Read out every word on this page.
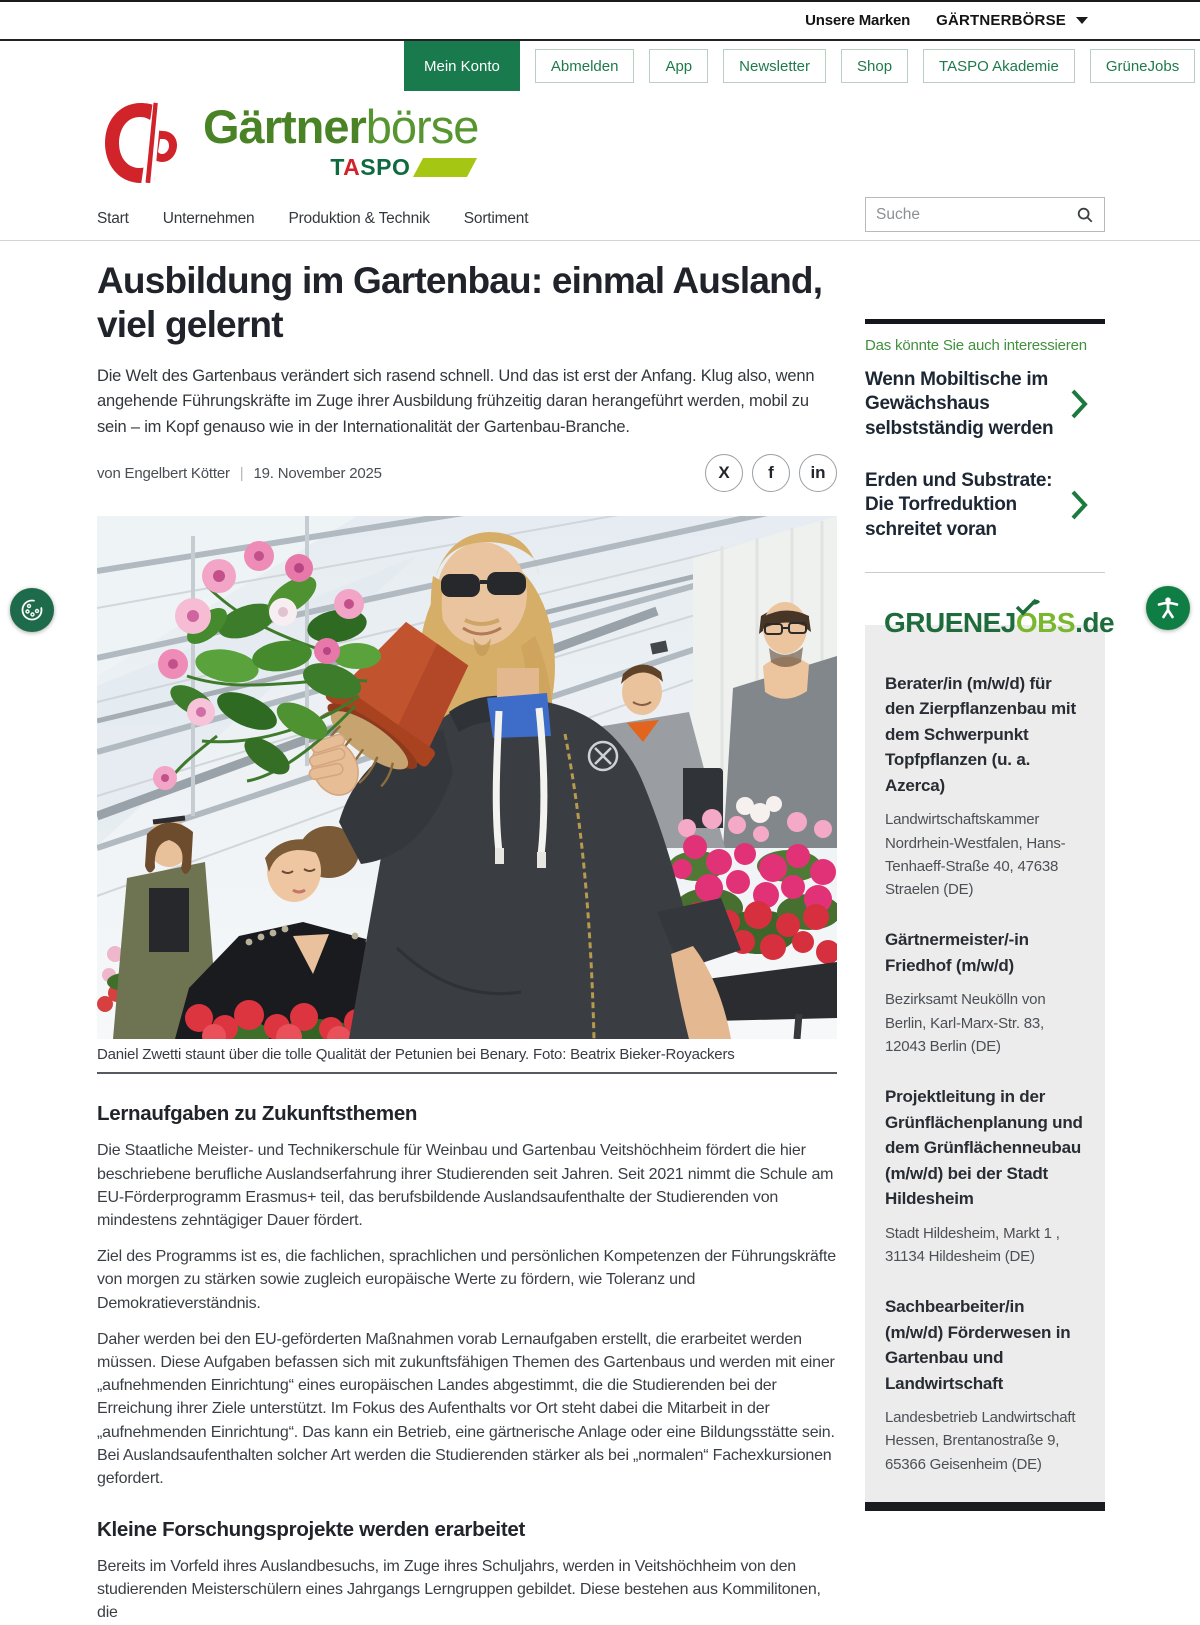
Unsere Marken GÄRTNERBÖRSE
Mein Konto	Abmelden	App	Newsletter	Shop	TASPO Akademie	GrüneJobs
Gärtnerbörse
TASPO
Start Unternehmen Produktion & Technik Sortiment
Suche
Ausbildung im Gartenbau: einmal Ausland, viel gelernt

Die Welt des Gartenbaus verändert sich rasend schnell. Und das ist erst der Anfang. Klug also, wenn angehende Führungskräfte im Zuge ihrer Ausbildung frühzeitig daran herangeführt werden, mobil zu sein – im Kopf genauso wie in der Internationalität der Gartenbau-Branche.

von Engelbert Kötter | 19. November 2025	X f in
Daniel Zwetti staunt über die tolle Qualität der Petunien bei Benary. Foto: Beatrix Bieker-Royackers
Lernaufgaben zu Zukunftsthemen

Die Staatliche Meister- und Technikerschule für Weinbau und Gartenbau Veitshöchheim fördert die hier beschriebene berufliche Auslandserfahrung ihrer Studierenden seit Jahren. Seit 2021 nimmt die Schule am EU-Förderprogramm Erasmus+ teil, das berufsbildende Auslandsaufenthalte der Studierenden von mindestens zehntägiger Dauer fördert.

Ziel des Programms ist es, die fachlichen, sprachlichen und persönlichen Kompetenzen der Führungskräfte von morgen zu stärken sowie zugleich europäische Werte zu fördern, wie Toleranz und Demokratieverständnis.

Daher werden bei den EU-geförderten Maßnahmen vorab Lernaufgaben erstellt, die erarbeitet werden müssen. Diese Aufgaben befassen sich mit zukunftsfähigen Themen des Gartenbaus und werden mit einer „aufnehmenden Einrichtung“ eines europäischen Landes abgestimmt, die die Studierenden bei der Erreichung ihrer Ziele unterstützt. Im Fokus des Aufenthalts vor Ort steht dabei die Mitarbeit in der „aufnehmenden Einrichtung“. Das kann ein Betrieb, eine gärtnerische Anlage oder eine Bildungsstätte sein. Bei Auslandsaufenthalten solcher Art werden die Studierenden stärker als bei „normalen“ Fachexkursionen gefordert.

Kleine Forschungsprojekte werden erarbeitet

Bereits im Vorfeld ihres Auslandbesuchs, im Zuge ihres Schuljahrs, werden in Veitshöchheim von den studierenden Meisterschülern eines Jahrgangs Lerngruppen gebildet. Diese bestehen aus Kommilitonen, die

Das könnte Sie auch interessieren
Wenn Mobiltische im Gewächshaus selbstständig werden
Erden und Substrate: Die Torfreduktion schreitet voran
GRUENEJO
BS.de
Berater/in (m/w/d) für den Zierpflanzenbau mit dem Schwerpunkt Topfpflanzen (u. a. Azerca)
Landwirtschaftskammer Nordrhein-Westfalen, Hans-Tenhaeff-Straße 40, 47638 Straelen (DE)
Gärtnermeister/-in Friedhof (m/w/d)
Bezirksamt Neukölln von Berlin, Karl-Marx-Str. 83, 12043 Berlin (DE)
Projektleitung in der Grünflächenplanung und dem Grünflächenneubau (m/w/d) bei der Stadt Hildesheim
Stadt Hildesheim, Markt 1 , 31134 Hildesheim (DE)
Sachbearbeiter/in (m/w/d) Förderwesen in Gartenbau und Landwirtschaft
Landesbetrieb Landwirtschaft Hessen, Brentanostraße 9, 65366 Geisenheim (DE)
